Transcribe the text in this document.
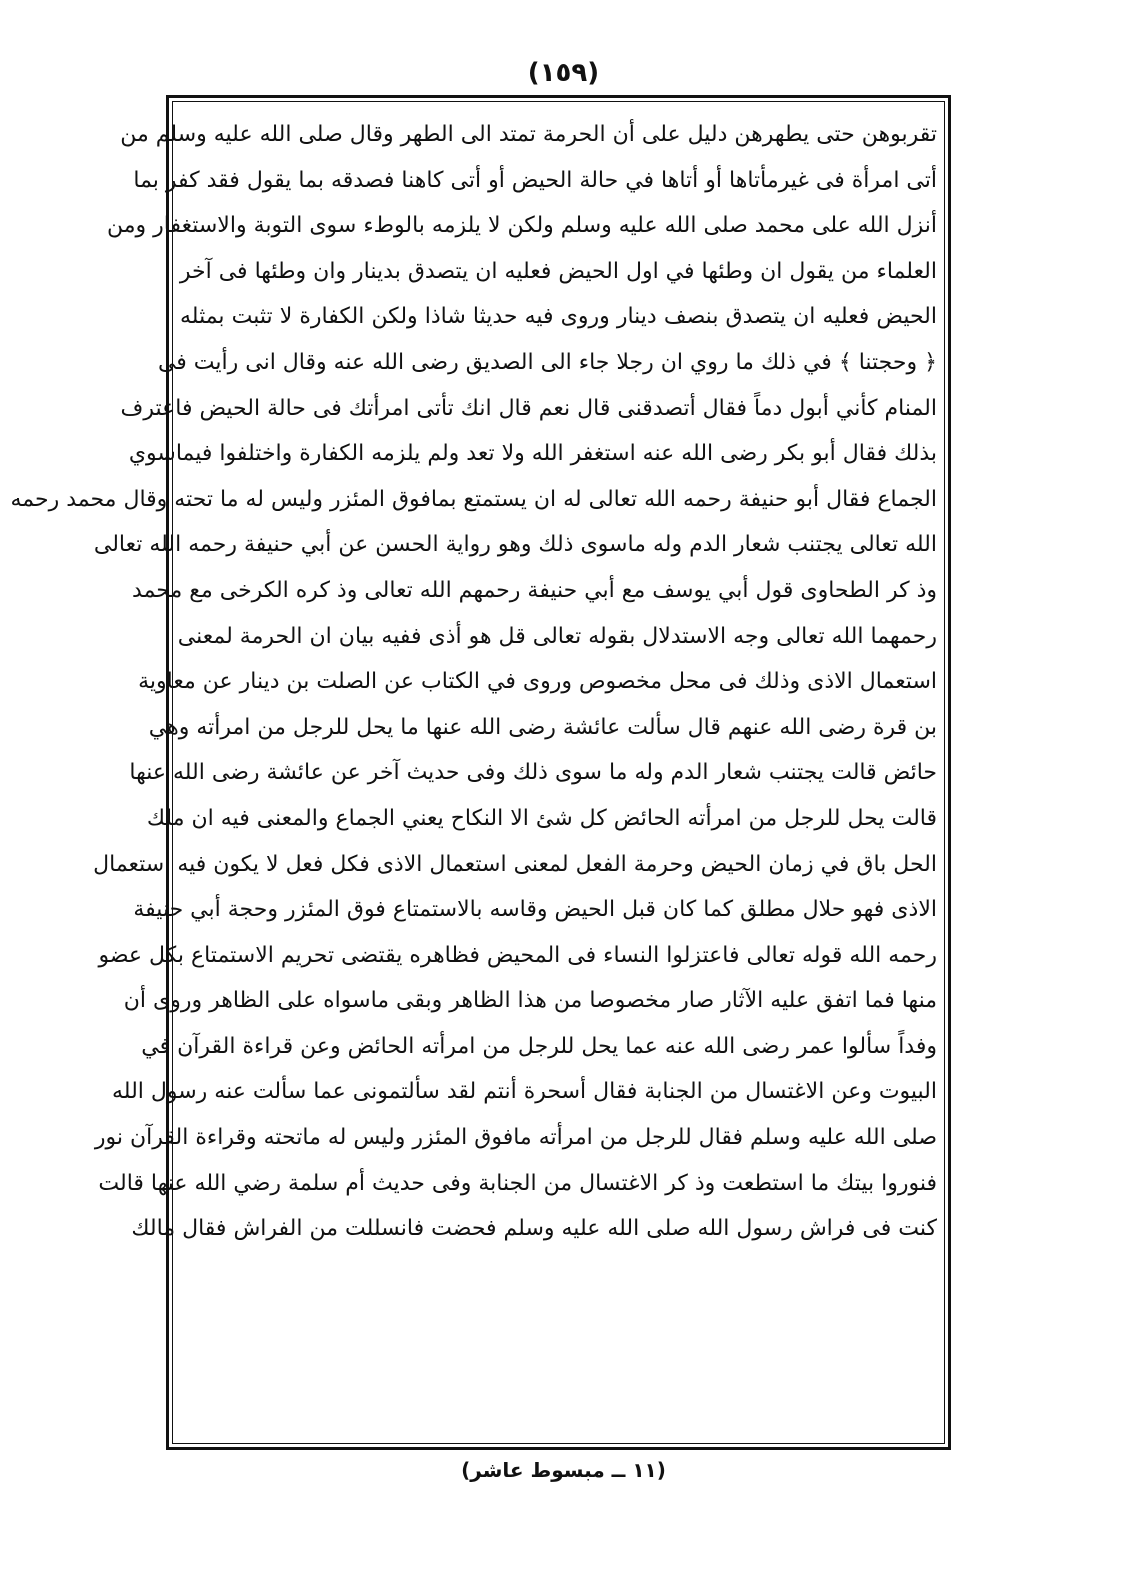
(١٥٩)
تقربوهن حتى يطهرهن دليل على أن الحرمة تمتد الى الطهر وقال صلى الله عليه وسلم من
أتى امرأة فى غيرمأتاها أو أتاها في حالة الحيض أو أتى كاهنا فصدقه بما يقول فقد كفر بما
أنزل الله على محمد صلى الله عليه وسلم ولكن لا يلزمه بالوطء سوى التوبة والاستغفار ومن
العلماء من يقول ان وطئها في اول الحيض فعليه ان يتصدق بدينار وان وطئها فى آخر
الحيض فعليه ان يتصدق بنصف دينار وروى فيه حديثا شاذا ولكن الكفارة لا تثبت بمثله
﴿ وحجتنا ﴾ في ذلك ما روي ان رجلا جاء الى الصديق رضى الله عنه وقال انى رأيت فى
المنام كأني أبول دماً فقال أتصدقنى قال نعم قال انك تأتى امرأتك فى حالة الحيض فاعترف
بذلك فقال أبو بكر رضى الله عنه استغفر الله ولا تعد ولم يلزمه الكفارة واختلفوا فيماسوي
الجماع فقال أبو حنيفة رحمه الله تعالى له ان يستمتع بمافوق المئزر وليس له ما تحته وقال محمد رحمه
الله تعالى يجتنب شعار الدم وله ماسوى ذلك وهو رواية الحسن عن أبي حنيفة رحمه الله تعالى
وذ كر الطحاوى قول أبي يوسف مع أبي حنيفة رحمهم الله تعالى وذ كره الكرخى مع محمد
رحمهما الله تعالى وجه الاستدلال بقوله تعالى قل هو أذى ففيه بيان ان الحرمة لمعنى
استعمال الاذى وذلك فى محل مخصوص وروى في الكتاب عن الصلت بن دينار عن معاوية
بن قرة رضى الله عنهم قال سألت عائشة رضى الله عنها ما يحل للرجل من امرأته وهي
حائض قالت يجتنب شعار الدم وله ما سوى ذلك وفى حديث آخر عن عائشة رضى الله عنها
قالت يحل للرجل من امرأته الحائض كل شئ الا النكاح يعني الجماع والمعنى فيه ان ملك
الحل باق في زمان الحيض وحرمة الفعل لمعنى استعمال الاذى فكل فعل لا يكون فيه استعمال
الاذى فهو حلال مطلق كما كان قبل الحيض وقاسه بالاستمتاع فوق المئزر وحجة أبي حنيفة
رحمه الله قوله تعالى فاعتزلوا النساء فى المحيض فظاهره يقتضى تحريم الاستمتاع بكل عضو
منها فما اتفق عليه الآثار صار مخصوصا من هذا الظاهر وبقى ماسواه على الظاهر وروى أن
وفداً سألوا عمر رضى الله عنه عما يحل للرجل من امرأته الحائض وعن قراءة القرآن في
البيوت وعن الاغتسال من الجنابة فقال أسحرة أنتم لقد سألتمونى عما سألت عنه رسول الله
صلى الله عليه وسلم فقال للرجل من امرأته مافوق المئزر وليس له ماتحته وقراءة القرآن نور
فنوروا بيتك ما استطعت وذ كر الاغتسال من الجنابة وفى حديث أم سلمة رضي الله عنها قالت
كنت فى فراش رسول الله صلى الله عليه وسلم فحضت فانسللت من الفراش فقال مالك
(١١ ــ مبسوط عاشر)
